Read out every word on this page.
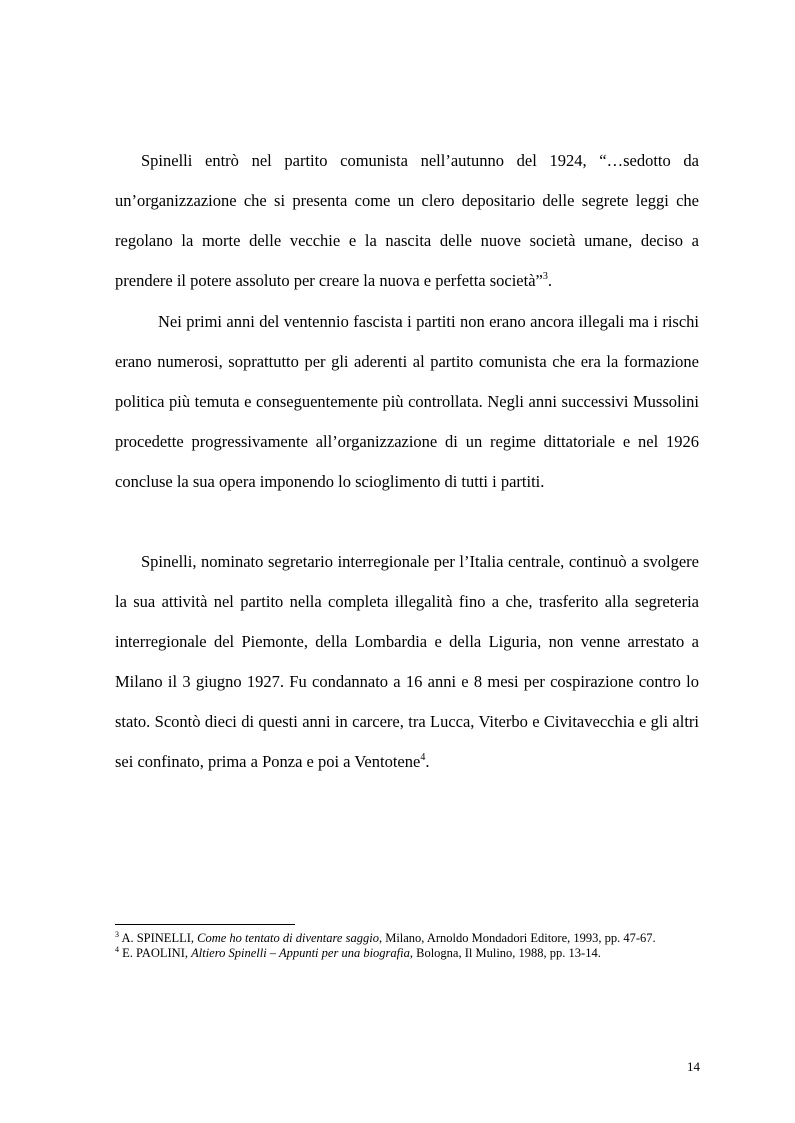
Spinelli entrò nel partito comunista nell’autunno del 1924, “…sedotto da un’organizzazione che si presenta come un clero depositario delle segrete leggi che regolano la morte delle vecchie e la nascita delle nuove società umane, deciso a prendere il potere assoluto per creare la nuova e perfetta società”$^3$.

Nei primi anni del ventennio fascista i partiti non erano ancora illegali ma i rischi erano numerosi, soprattutto per gli aderenti al partito comunista che era la formazione politica più temuta e conseguentemente più controllata. Negli anni successivi Mussolini procedette progressivamente all’organizzazione di un regime dittatoriale e nel 1926 concluse la sua opera imponendo lo scioglimento di tutti i partiti.

Spinelli, nominato segretario interregionale per l’Italia centrale, continuò a svolgere la sua attività nel partito nella completa illegalità fino a che, trasferito alla segreteria interregionale del Piemonte, della Lombardia e della Liguria, non venne arrestato a Milano il 3 giugno 1927. Fu condannato a 16 anni e 8 mesi per cospirazione contro lo stato. Scontò dieci di questi anni in carcere, tra Lucca, Viterbo e Civitavecchia e gli altri sei confinato, prima a Ponza e poi a Ventotene$^4$.

$^3$ A. SPINELLI, Come ho tentato di diventare saggio, Milano, Arnoldo Mondadori Editore, 1993, pp. 47-67.

$^4$ E. PAOLINI, Altiero Spinelli – Appunti per una biografia, Bologna, Il Mulino, 1988, pp. 13-14.

14
